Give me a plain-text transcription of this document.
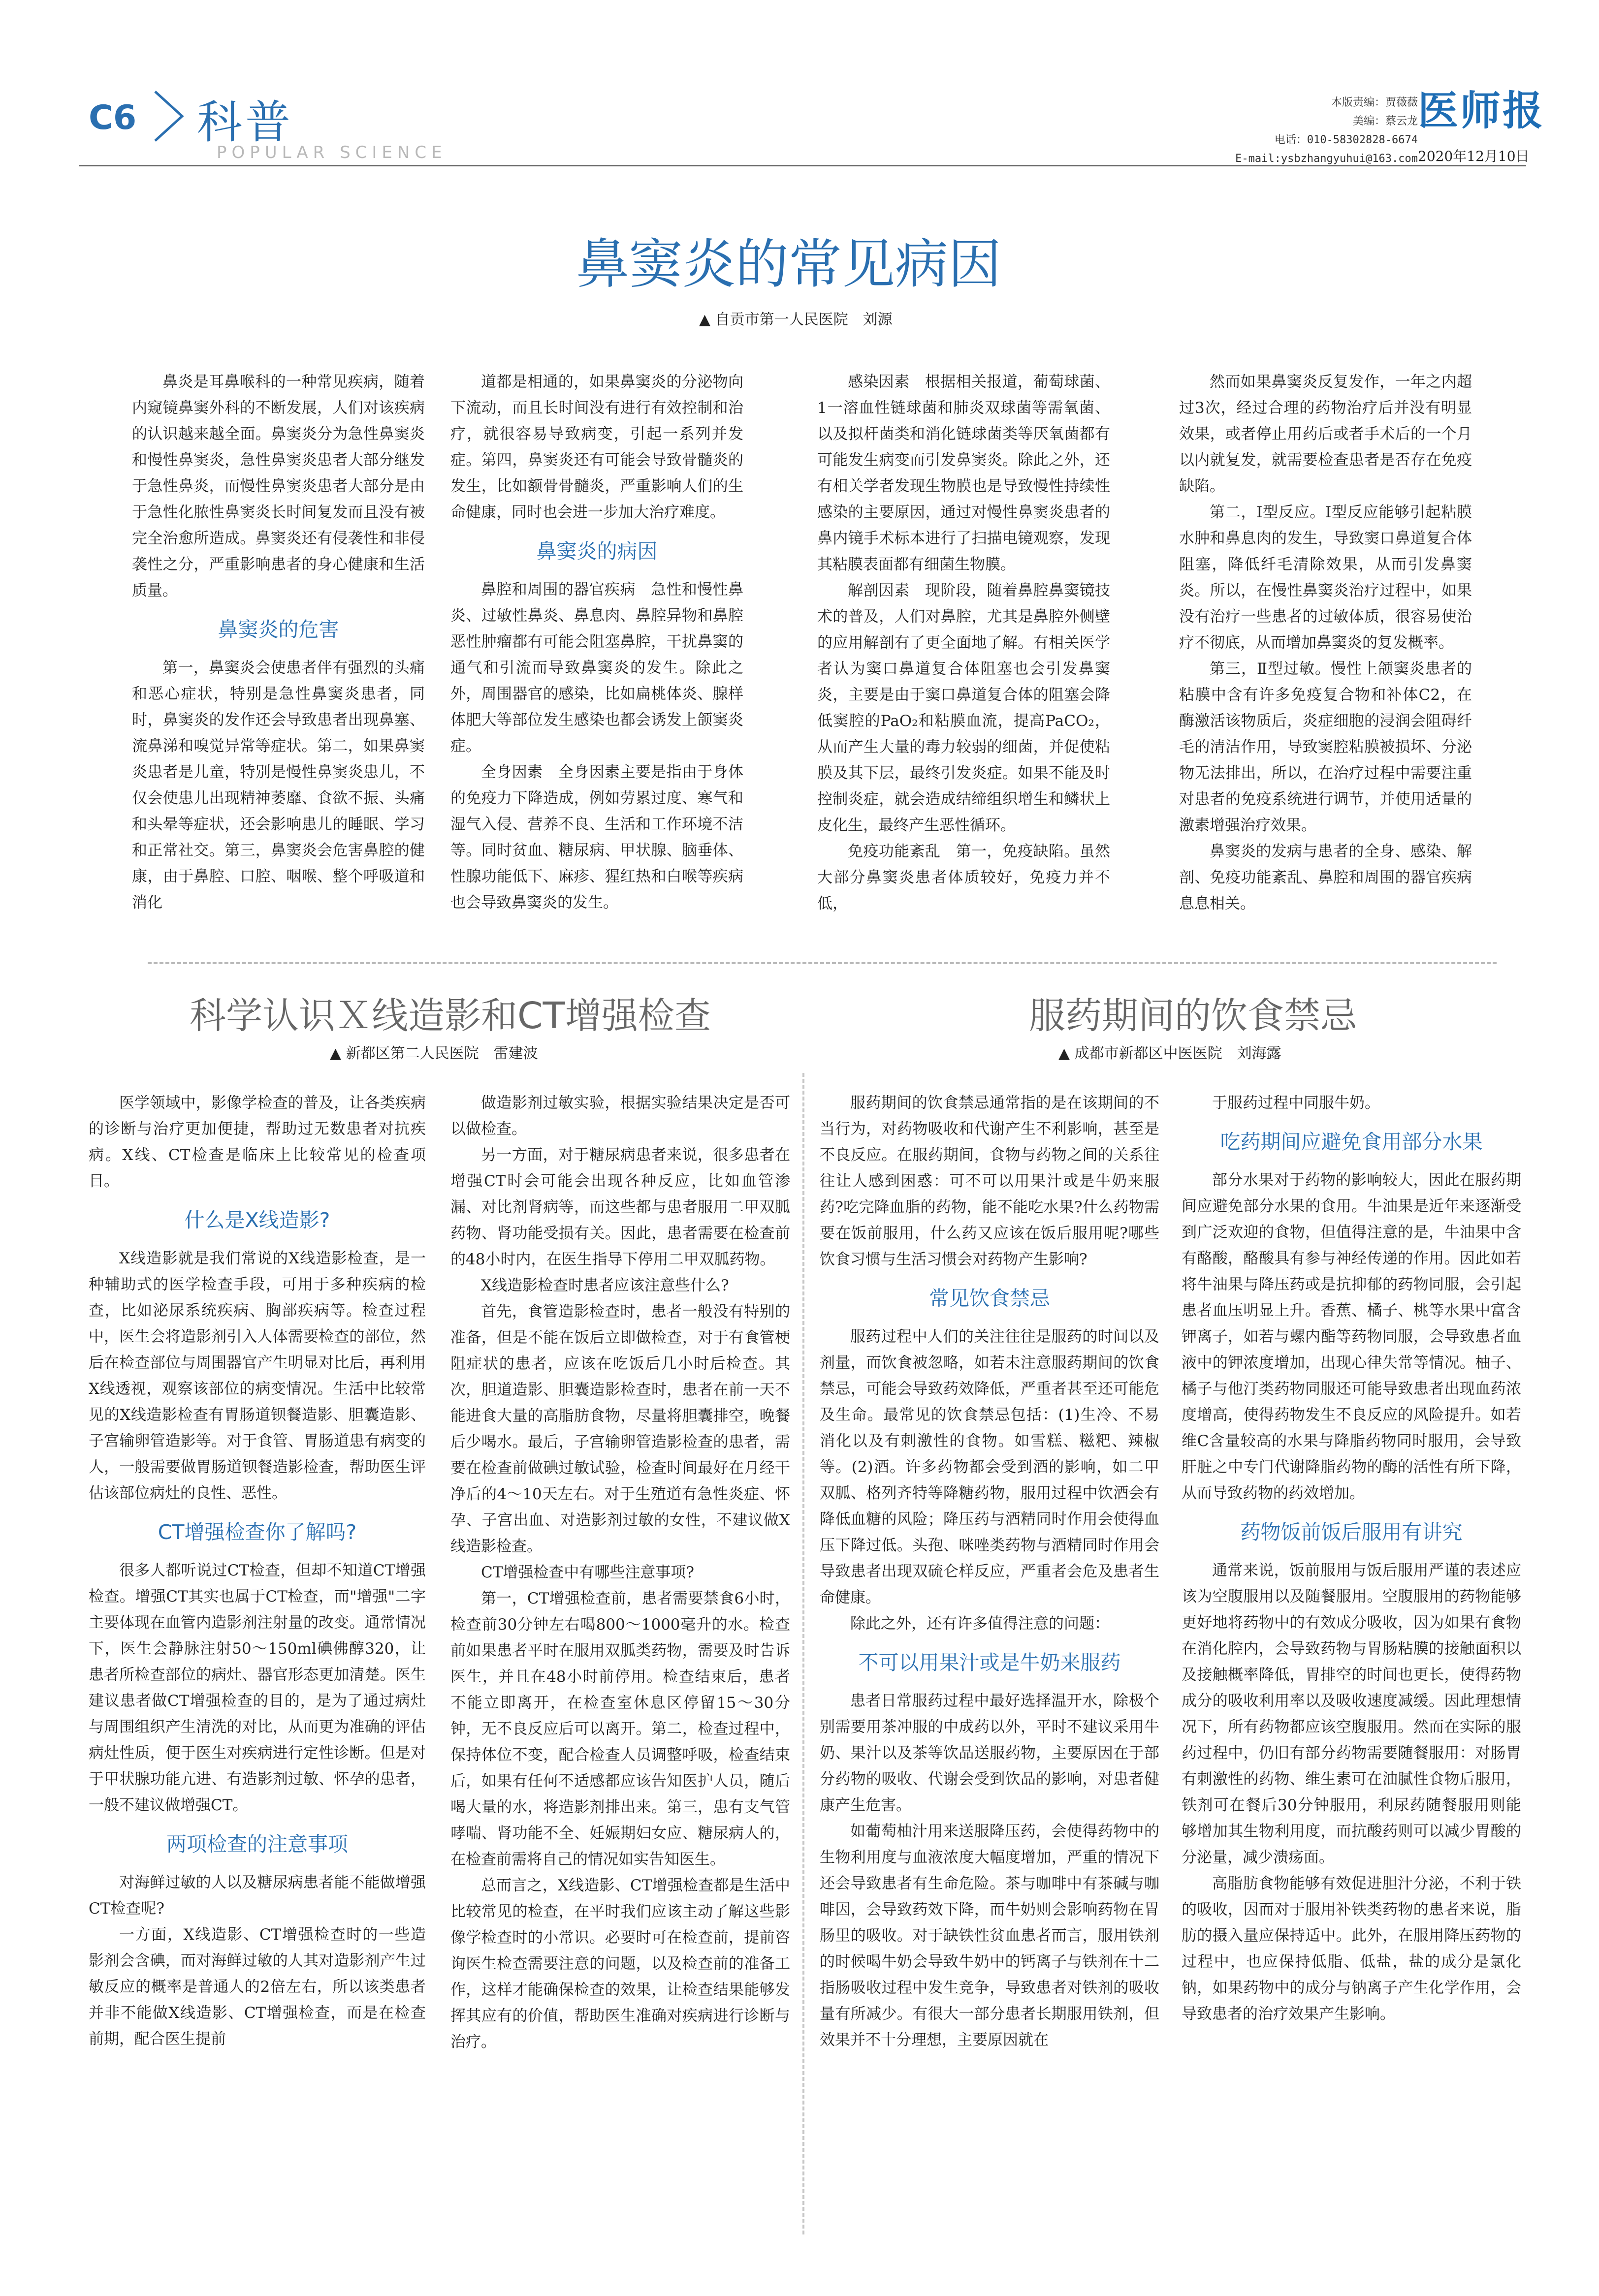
C6 科普
POPULAR SCIENCE
本版责编：贾薇薇
美编：蔡云龙
电话：010-58302828-6674
E-mail:ysbzhangyuhui@163.com
医师报
2020年12月10日
鼻窦炎的常见病因
▲ 自贡市第一人民医院　刘源

鼻炎是耳鼻喉科的一种常见疾病，随着内窥镜鼻窦外科的不断发展，人们对该疾病的认识越来越全面。鼻窦炎分为急性鼻窦炎和慢性鼻窦炎，急性鼻窦炎患者大部分继发于急性鼻炎，而慢性鼻窦炎患者大部分是由于急性化脓性鼻窦炎长时间复发而且没有被完全治愈所造成。鼻窦炎还有侵袭性和非侵袭性之分，严重影响患者的身心健康和生活质量。

鼻窦炎的危害

第一，鼻窦炎会使患者伴有强烈的头痛和恶心症状，特别是急性鼻窦炎患者，同时，鼻窦炎的发作还会导致患者出现鼻塞、流鼻涕和嗅觉异常等症状。第二，如果鼻窦炎患者是儿童，特别是慢性鼻窦炎患儿，不仅会使患儿出现精神萎靡、食欲不振、头痛和头晕等症状，还会影响患儿的睡眠、学习和正常社交。第三，鼻窦炎会危害鼻腔的健康，由于鼻腔、口腔、咽喉、整个呼吸道和消化

道都是相通的，如果鼻窦炎的分泌物向下流动，而且长时间没有进行有效控制和治疗，就很容易导致病变，引起一系列并发症。第四，鼻窦炎还有可能会导致骨髓炎的发生，比如额骨骨髓炎，严重影响人们的生命健康，同时也会进一步加大治疗难度。

鼻窦炎的病因

鼻腔和周围的器官疾病　急性和慢性鼻炎、过敏性鼻炎、鼻息肉、鼻腔异物和鼻腔恶性肿瘤都有可能会阻塞鼻腔，干扰鼻窦的通气和引流而导致鼻窦炎的发生。除此之外，周围器官的感染，比如扁桃体炎、腺样体肥大等部位发生感染也都会诱发上颌窦炎症。

全身因素　全身因素主要是指由于身体的免疫力下降造成，例如劳累过度、寒气和湿气入侵、营养不良、生活和工作环境不洁等。同时贫血、糖尿病、甲状腺、脑垂体、性腺功能低下、麻疹、猩红热和白喉等疾病也会导致鼻窦炎的发生。

感染因素　根据相关报道，葡萄球菌、1一溶血性链球菌和肺炎双球菌等需氧菌、以及拟杆菌类和消化链球菌类等厌氧菌都有可能发生病变而引发鼻窦炎。除此之外，还有相关学者发现生物膜也是导致慢性持续性感染的主要原因，通过对慢性鼻窦炎患者的鼻内镜手术标本进行了扫描电镜观察，发现其粘膜表面都有细菌生物膜。

解剖因素　现阶段，随着鼻腔鼻窦镜技术的普及，人们对鼻腔，尤其是鼻腔外侧壁的应用解剖有了更全面地了解。有相关医学者认为窦口鼻道复合体阻塞也会引发鼻窦炎，主要是由于窦口鼻道复合体的阻塞会降低窦腔的PaO₂和粘膜血流，提高PaCO₂，从而产生大量的毒力较弱的细菌，并促使粘膜及其下层，最终引发炎症。如果不能及时控制炎症，就会造成结缔组织增生和鳞状上皮化生，最终产生恶性循环。

免疫功能紊乱　第一，免疫缺陷。虽然大部分鼻窦炎患者体质较好，免疫力并不低，

然而如果鼻窦炎反复发作，一年之内超过3次，经过合理的药物治疗后并没有明显效果，或者停止用药后或者手术后的一个月以内就复发，就需要检查患者是否存在免疫缺陷。

第二，Ⅰ型反应。Ⅰ型反应能够引起粘膜水肿和鼻息肉的发生，导致窦口鼻道复合体阻塞，降低纤毛清除效果，从而引发鼻窦炎。所以，在慢性鼻窦炎治疗过程中，如果没有治疗一些患者的过敏体质，很容易使治疗不彻底，从而增加鼻窦炎的复发概率。

第三，Ⅱ型过敏。慢性上颌窦炎患者的粘膜中含有许多免疫复合物和补体C2，在酶激活该物质后，炎症细胞的浸润会阻碍纤毛的清洁作用，导致窦腔粘膜被损坏、分泌物无法排出，所以，在治疗过程中需要注重对患者的免疫系统进行调节，并使用适量的激素增强治疗效果。

鼻窦炎的发病与患者的全身、感染、解剖、免疫功能紊乱、鼻腔和周围的器官疾病息息相关。

科学认识Ｘ线造影和CT增强检查
▲ 新都区第二人民医院　雷建波

医学领域中，影像学检查的普及，让各类疾病的诊断与治疗更加便捷，帮助过无数患者对抗疾病。X线、CT检查是临床上比较常见的检查项目。

什么是X线造影?

X线造影就是我们常说的X线造影检查，是一种辅助式的医学检查手段，可用于多种疾病的检查，比如泌尿系统疾病、胸部疾病等。检查过程中，医生会将造影剂引入人体需要检查的部位，然后在检查部位与周围器官产生明显对比后，再利用X线透视，观察该部位的病变情况。生活中比较常见的X线造影检查有胃肠道钡餐造影、胆囊造影、子宫输卵管造影等。对于食管、胃肠道患有病变的人，一般需要做胃肠道钡餐造影检查，帮助医生评估该部位病灶的良性、恶性。

CT增强检查你了解吗?

很多人都听说过CT检查，但却不知道CT增强检查。增强CT其实也属于CT检查，而"增强"二字主要体现在血管内造影剂注射量的改变。通常情况下，医生会静脉注射50～150ml碘佛醇320，让患者所检查部位的病灶、器官形态更加清楚。医生建议患者做CT增强检查的目的，是为了通过病灶与周围组织产生清洗的对比，从而更为准确的评估病灶性质，便于医生对疾病进行定性诊断。但是对于甲状腺功能亢进、有造影剂过敏、怀孕的患者，一般不建议做增强CT。

两项检查的注意事项

对海鲜过敏的人以及糖尿病患者能不能做增强CT检查呢?

一方面，X线造影、CT增强检查时的一些造影剂会含碘，而对海鲜过敏的人其对造影剂产生过敏反应的概率是普通人的2倍左右，所以该类患者并非不能做X线造影、CT增强检查，而是在检查前期，配合医生提前

做造影剂过敏实验，根据实验结果决定是否可以做检查。

另一方面，对于糖尿病患者来说，很多患者在增强CT时会可能会出现各种反应，比如血管渗漏、对比剂肾病等，而这些都与患者服用二甲双胍药物、肾功能受损有关。因此，患者需要在检查前的48小时内，在医生指导下停用二甲双胍药物。

X线造影检查时患者应该注意些什么?

首先，食管造影检查时，患者一般没有特别的准备，但是不能在饭后立即做检查，对于有食管梗阻症状的患者，应该在吃饭后几小时后检查。其次，胆道造影、胆囊造影检查时，患者在前一天不能进食大量的高脂肪食物，尽量将胆囊排空，晚餐后少喝水。最后，子宫输卵管造影检查的患者，需要在检查前做碘过敏试验，检查时间最好在月经干净后的4～10天左右。对于生殖道有急性炎症、怀孕、子宫出血、对造影剂过敏的女性，不建议做X线造影检查。

CT增强检查中有哪些注意事项?

第一，CT增强检查前，患者需要禁食6小时，检查前30分钟左右喝800～1000毫升的水。检查前如果患者平时在服用双胍类药物，需要及时告诉医生，并且在48小时前停用。检查结束后，患者不能立即离开，在检查室休息区停留15～30分钟，无不良反应后可以离开。第二，检查过程中，保持体位不变，配合检查人员调整呼吸，检查结束后，如果有任何不适感都应该告知医护人员，随后喝大量的水，将造影剂排出来。第三，患有支气管哮喘、肾功能不全、妊娠期妇女应、糖尿病人的，在检查前需将自己的情况如实告知医生。

总而言之，X线造影、CT增强检查都是生活中比较常见的检查，在平时我们应该主动了解这些影像学检查时的小常识。必要时可在检查前，提前咨询医生检查需要注意的问题，以及检查前的准备工作，这样才能确保检查的效果，让检查结果能够发挥其应有的价值，帮助医生准确对疾病进行诊断与治疗。

服药期间的饮食禁忌
▲ 成都市新都区中医医院　刘海露

服药期间的饮食禁忌通常指的是在该期间的不当行为，对药物吸收和代谢产生不利影响，甚至是不良反应。在服药期间，食物与药物之间的关系往往让人感到困惑：可不可以用果汁或是牛奶来服药?吃完降血脂的药物，能不能吃水果?什么药物需要在饭前服用，什么药又应该在饭后服用呢?哪些饮食习惯与生活习惯会对药物产生影响?

常见饮食禁忌

服药过程中人们的关注往往是服药的时间以及剂量，而饮食被忽略，如若未注意服药期间的饮食禁忌，可能会导致药效降低，严重者甚至还可能危及生命。最常见的饮食禁忌包括：(1)生冷、不易消化以及有刺激性的食物。如雪糕、糍粑、辣椒等。(2)酒。许多药物都会受到酒的影响，如二甲双胍、格列齐特等降糖药物，服用过程中饮酒会有降低血糖的风险；降压药与酒精同时作用会使得血压下降过低。头孢、咪唑类药物与酒精同时作用会导致患者出现双硫仑样反应，严重者会危及患者生命健康。

除此之外，还有许多值得注意的问题：

不可以用果汁或是牛奶来服药

患者日常服药过程中最好选择温开水，除极个别需要用茶冲服的中成药以外，平时不建议采用牛奶、果汁以及茶等饮品送服药物，主要原因在于部分药物的吸收、代谢会受到饮品的影响，对患者健康产生危害。

如葡萄柚汁用来送服降压药，会使得药物中的生物利用度与血液浓度大幅度增加，严重的情况下还会导致患者有生命危险。茶与咖啡中有茶碱与咖啡因，会导致药效下降，而牛奶则会影响药物在胃肠里的吸收。对于缺铁性贫血患者而言，服用铁剂的时候喝牛奶会导致牛奶中的钙离子与铁剂在十二指肠吸收过程中发生竞争，导致患者对铁剂的吸收量有所减少。有很大一部分患者长期服用铁剂，但效果并不十分理想，主要原因就在

于服药过程中同服牛奶。

吃药期间应避免食用部分水果

部分水果对于药物的影响较大，因此在服药期间应避免部分水果的食用。牛油果是近年来逐渐受到广泛欢迎的食物，但值得注意的是，牛油果中含有酪酸，酪酸具有参与神经传递的作用。因此如若将牛油果与降压药或是抗抑郁的药物同服，会引起患者血压明显上升。香蕉、橘子、桃等水果中富含钾离子，如若与螺内酯等药物同服，会导致患者血液中的钾浓度增加，出现心律失常等情况。柚子、橘子与他汀类药物同服还可能导致患者出现血药浓度增高，使得药物发生不良反应的风险提升。如若维C含量较高的水果与降脂药物同时服用，会导致肝脏之中专门代谢降脂药物的酶的活性有所下降，从而导致药物的药效增加。

药物饭前饭后服用有讲究

通常来说，饭前服用与饭后服用严谨的表述应该为空腹服用以及随餐服用。空腹服用的药物能够更好地将药物中的有效成分吸收，因为如果有食物在消化腔内，会导致药物与胃肠粘膜的接触面积以及接触概率降低，胃排空的时间也更长，使得药物成分的吸收利用率以及吸收速度减缓。因此理想情况下，所有药物都应该空腹服用。然而在实际的服药过程中，仍旧有部分药物需要随餐服用：对肠胃有刺激性的药物、维生素可在油腻性食物后服用，铁剂可在餐后30分钟服用，利尿药随餐服用则能够增加其生物利用度，而抗酸药则可以减少胃酸的分泌量，减少溃疡面。

高脂肪食物能够有效促进胆汁分泌，不利于铁的吸收，因而对于服用补铁类药物的患者来说，脂肪的摄入量应保持适中。此外，在服用降压药物的过程中，也应保持低脂、低盐，盐的成分是氯化钠，如果药物中的成分与钠离子产生化学作用，会导致患者的治疗效果产生影响。
